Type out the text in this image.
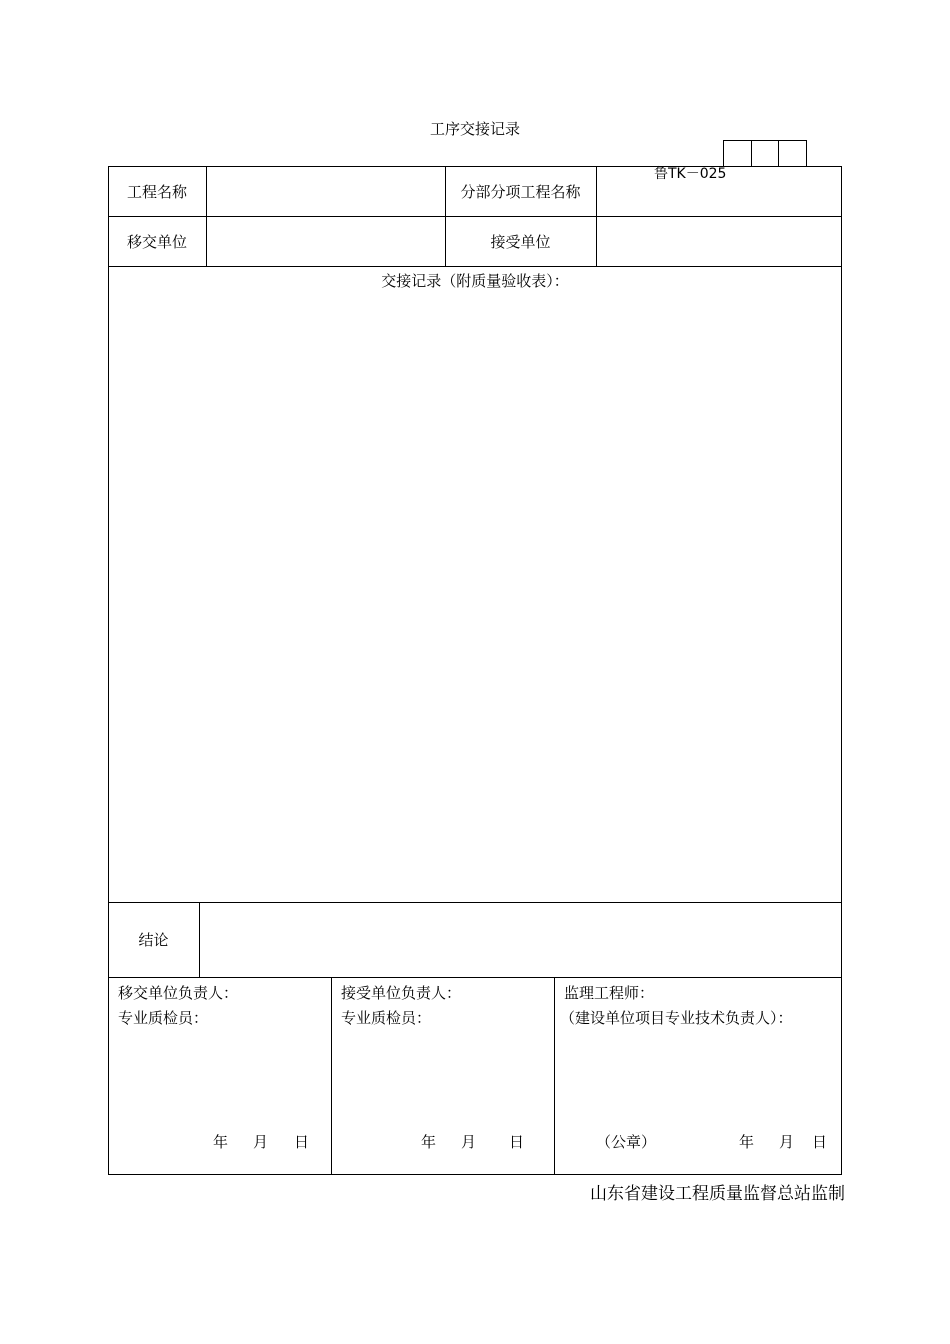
工序交接记录
鲁TK－025
工程名称	分部分项工程名称
移交单位	接受单位
交接记录（附质量验收表）：
结论
移交单位负责人：
专业质检员：
年 月 日
接受单位负责人：
专业质检员：
年 月 日
监理工程师：
（建设单位项目专业技术负责人）：
（公章）	年 月 日
山东省建设工程质量监督总站监制
